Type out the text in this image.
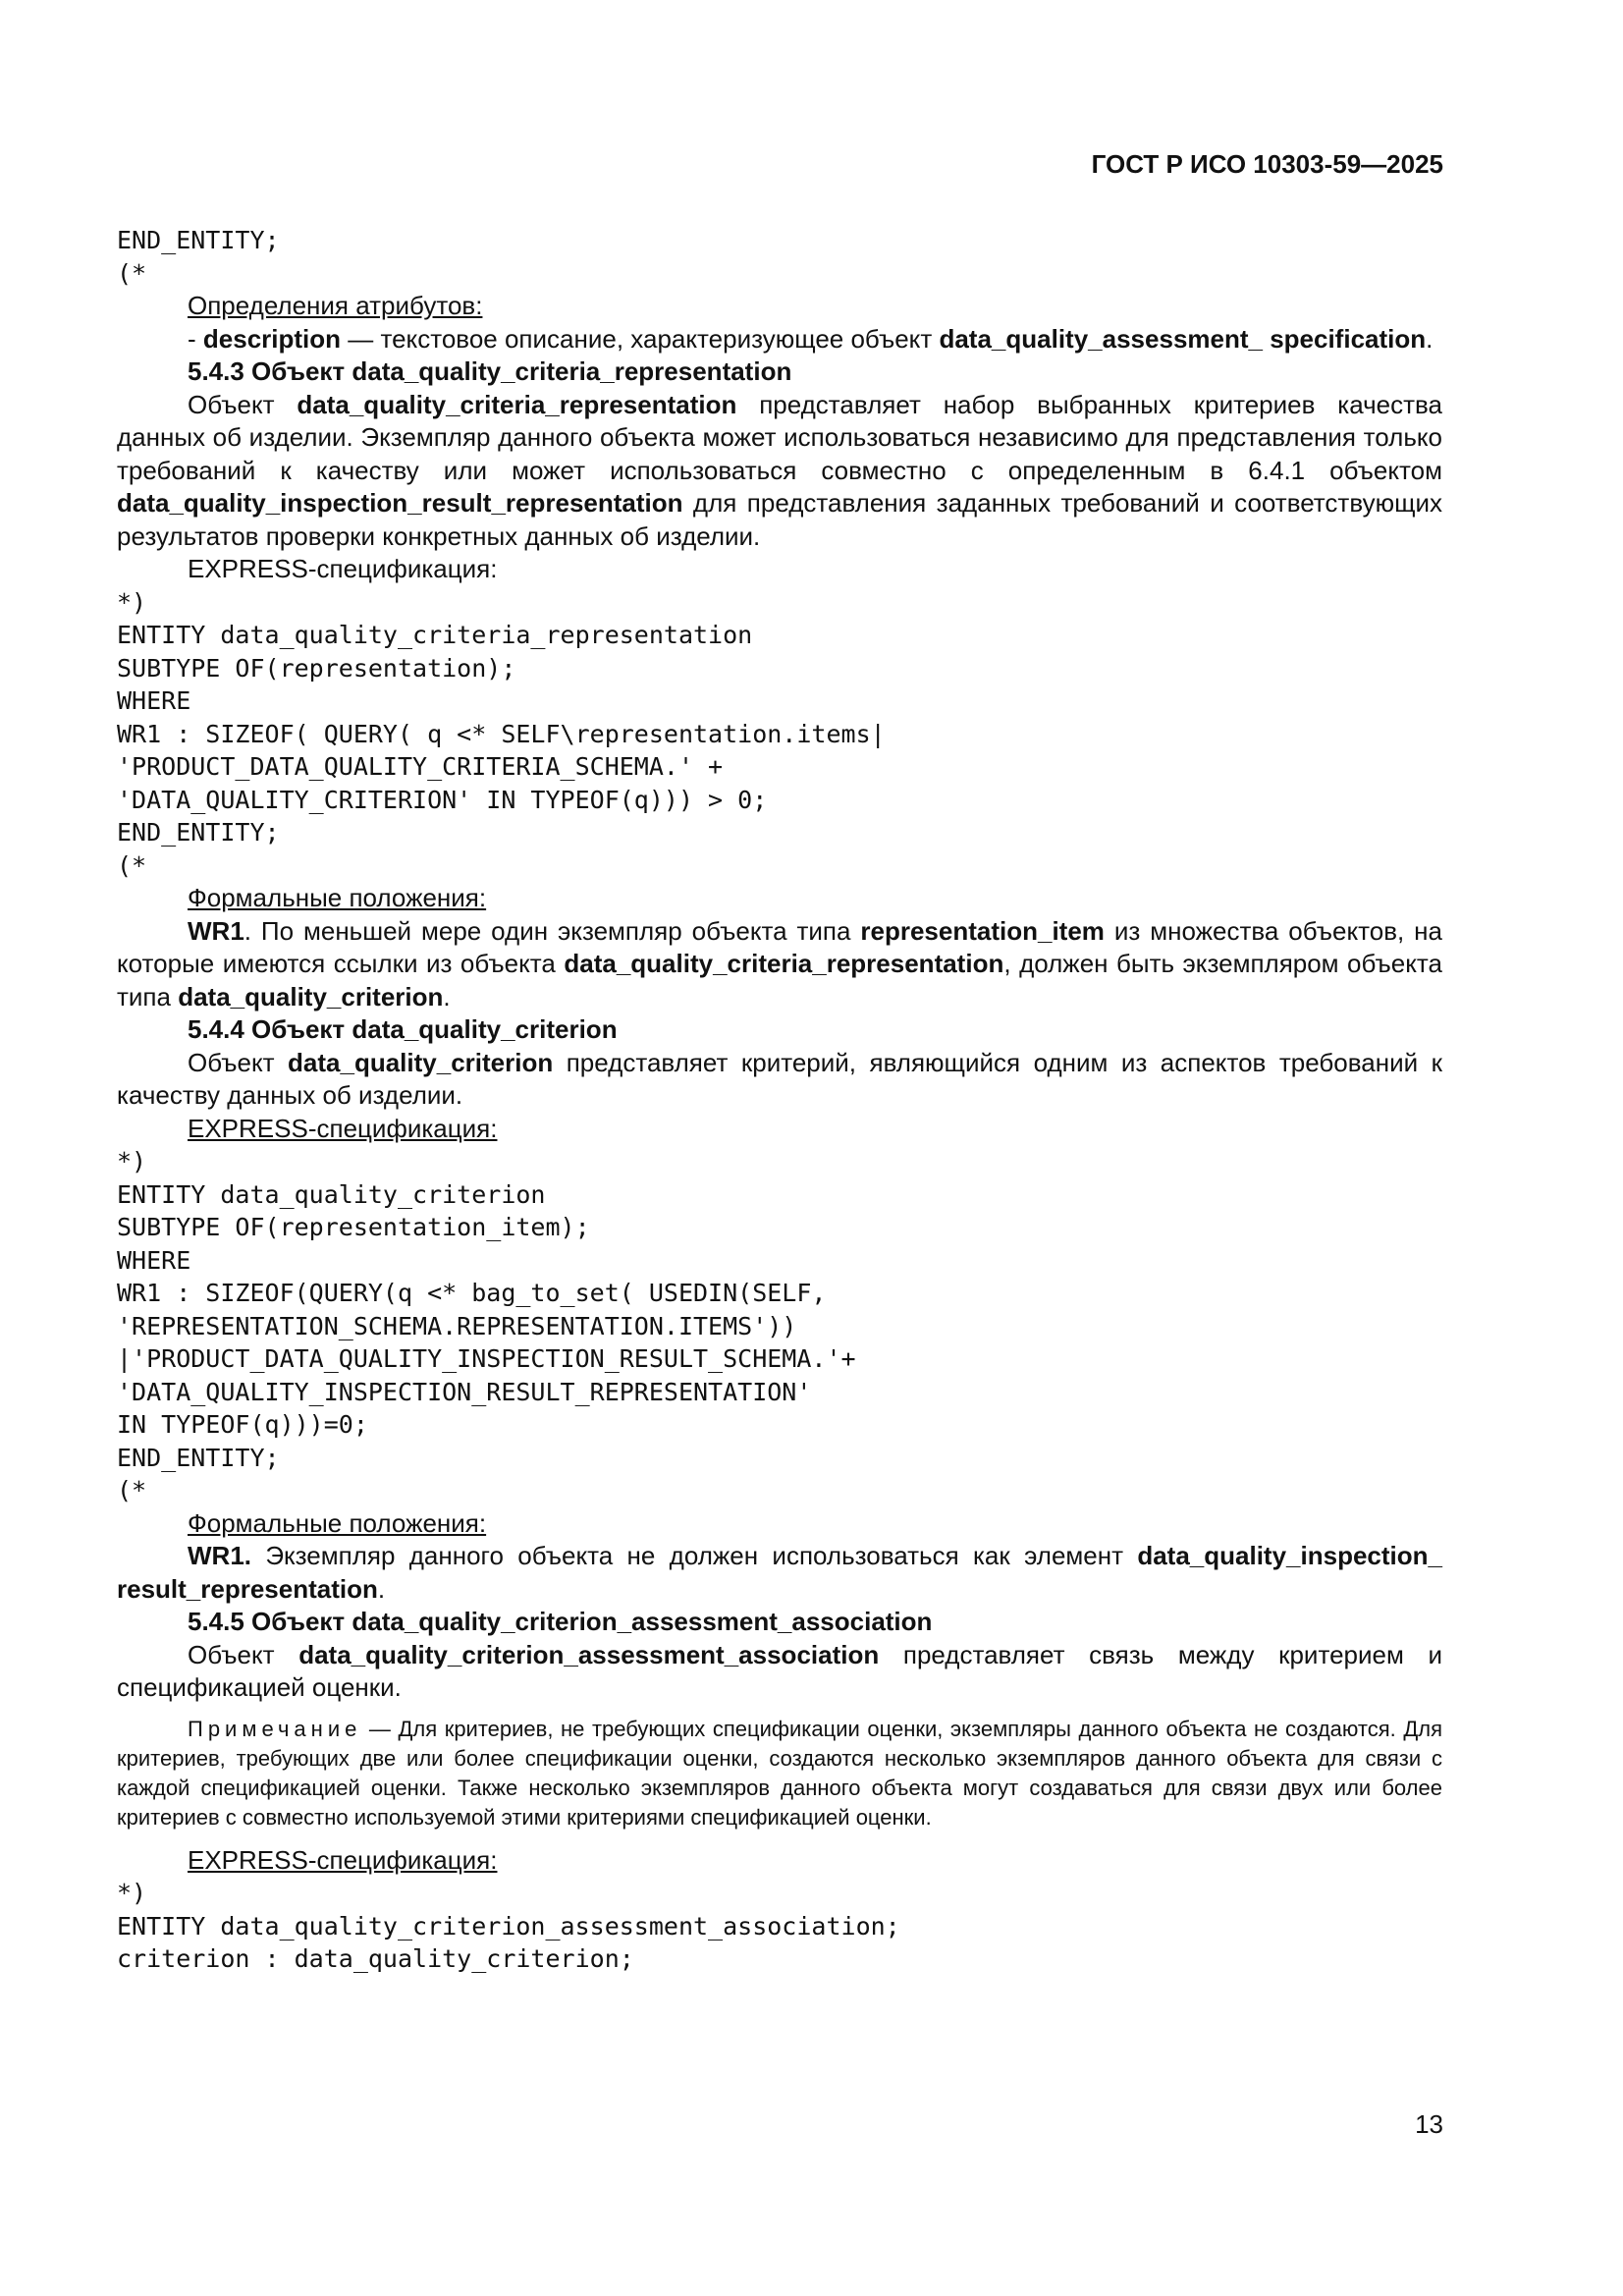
ГОСТ Р ИСО 10303-59—2025
END_ENTITY;
(*

Определения атрибутов:

- description — текстовое описание, характеризующее объект data_quality_assessment_ specification.

5.4.3 Объект data_quality_criteria_representation

Объект data_quality_criteria_representation представляет набор выбранных критериев качества данных об изделии. Экземпляр данного объекта может использоваться независимо для представления только требований к качеству или может использоваться совместно с определенным в 6.4.1 объектом data_quality_inspection_result_representation для представления заданных требований и соответствующих результатов проверки конкретных данных об изделии.

EXPRESS-спецификация:

*)
ENTITY data_quality_criteria_representation
SUBTYPE OF(representation);
WHERE
WR1 : SIZEOF( QUERY( q <* SELF\representation.items|
'PRODUCT_DATA_QUALITY_CRITERIA_SCHEMA.' +
'DATA_QUALITY_CRITERION' IN TYPEOF(q))) > 0;
END_ENTITY;
(*

Формальные положения:

WR1. По меньшей мере один экземпляр объекта типа representation_item из множества объектов, на которые имеются ссылки из объекта data_quality_criteria_representation, должен быть экземпляром объекта типа data_quality_criterion.

5.4.4 Объект data_quality_criterion

Объект data_quality_criterion представляет критерий, являющийся одним из аспектов требований к качеству данных об изделии.

EXPRESS-спецификация:

*)
ENTITY data_quality_criterion
SUBTYPE OF(representation_item);
WHERE
WR1 : SIZEOF(QUERY(q <* bag_to_set( USEDIN(SELF,
'REPRESENTATION_SCHEMA.REPRESENTATION.ITEMS'))
|'PRODUCT_DATA_QUALITY_INSPECTION_RESULT_SCHEMA.'+
'DATA_QUALITY_INSPECTION_RESULT_REPRESENTATION'
IN TYPEOF(q)))=0;
END_ENTITY;
(*

Формальные положения:

WR1. Экземпляр данного объекта не должен использоваться как элемент data_quality_inspection_ result_representation.

5.4.5 Объект data_quality_criterion_assessment_association

Объект data_quality_criterion_assessment_association представляет связь между критерием и спецификацией оценки.

Примечание — Для критериев, не требующих спецификации оценки, экземпляры данного объекта не создаются. Для критериев, требующих две или более спецификации оценки, создаются несколько экземпляров данного объекта для связи с каждой спецификацией оценки. Также несколько экземпляров данного объекта могут создаваться для связи двух или более критериев с совместно используемой этими критериями спецификацией оценки.

EXPRESS-спецификация:

*)
ENTITY data_quality_criterion_assessment_association;
criterion : data_quality_criterion;
13
